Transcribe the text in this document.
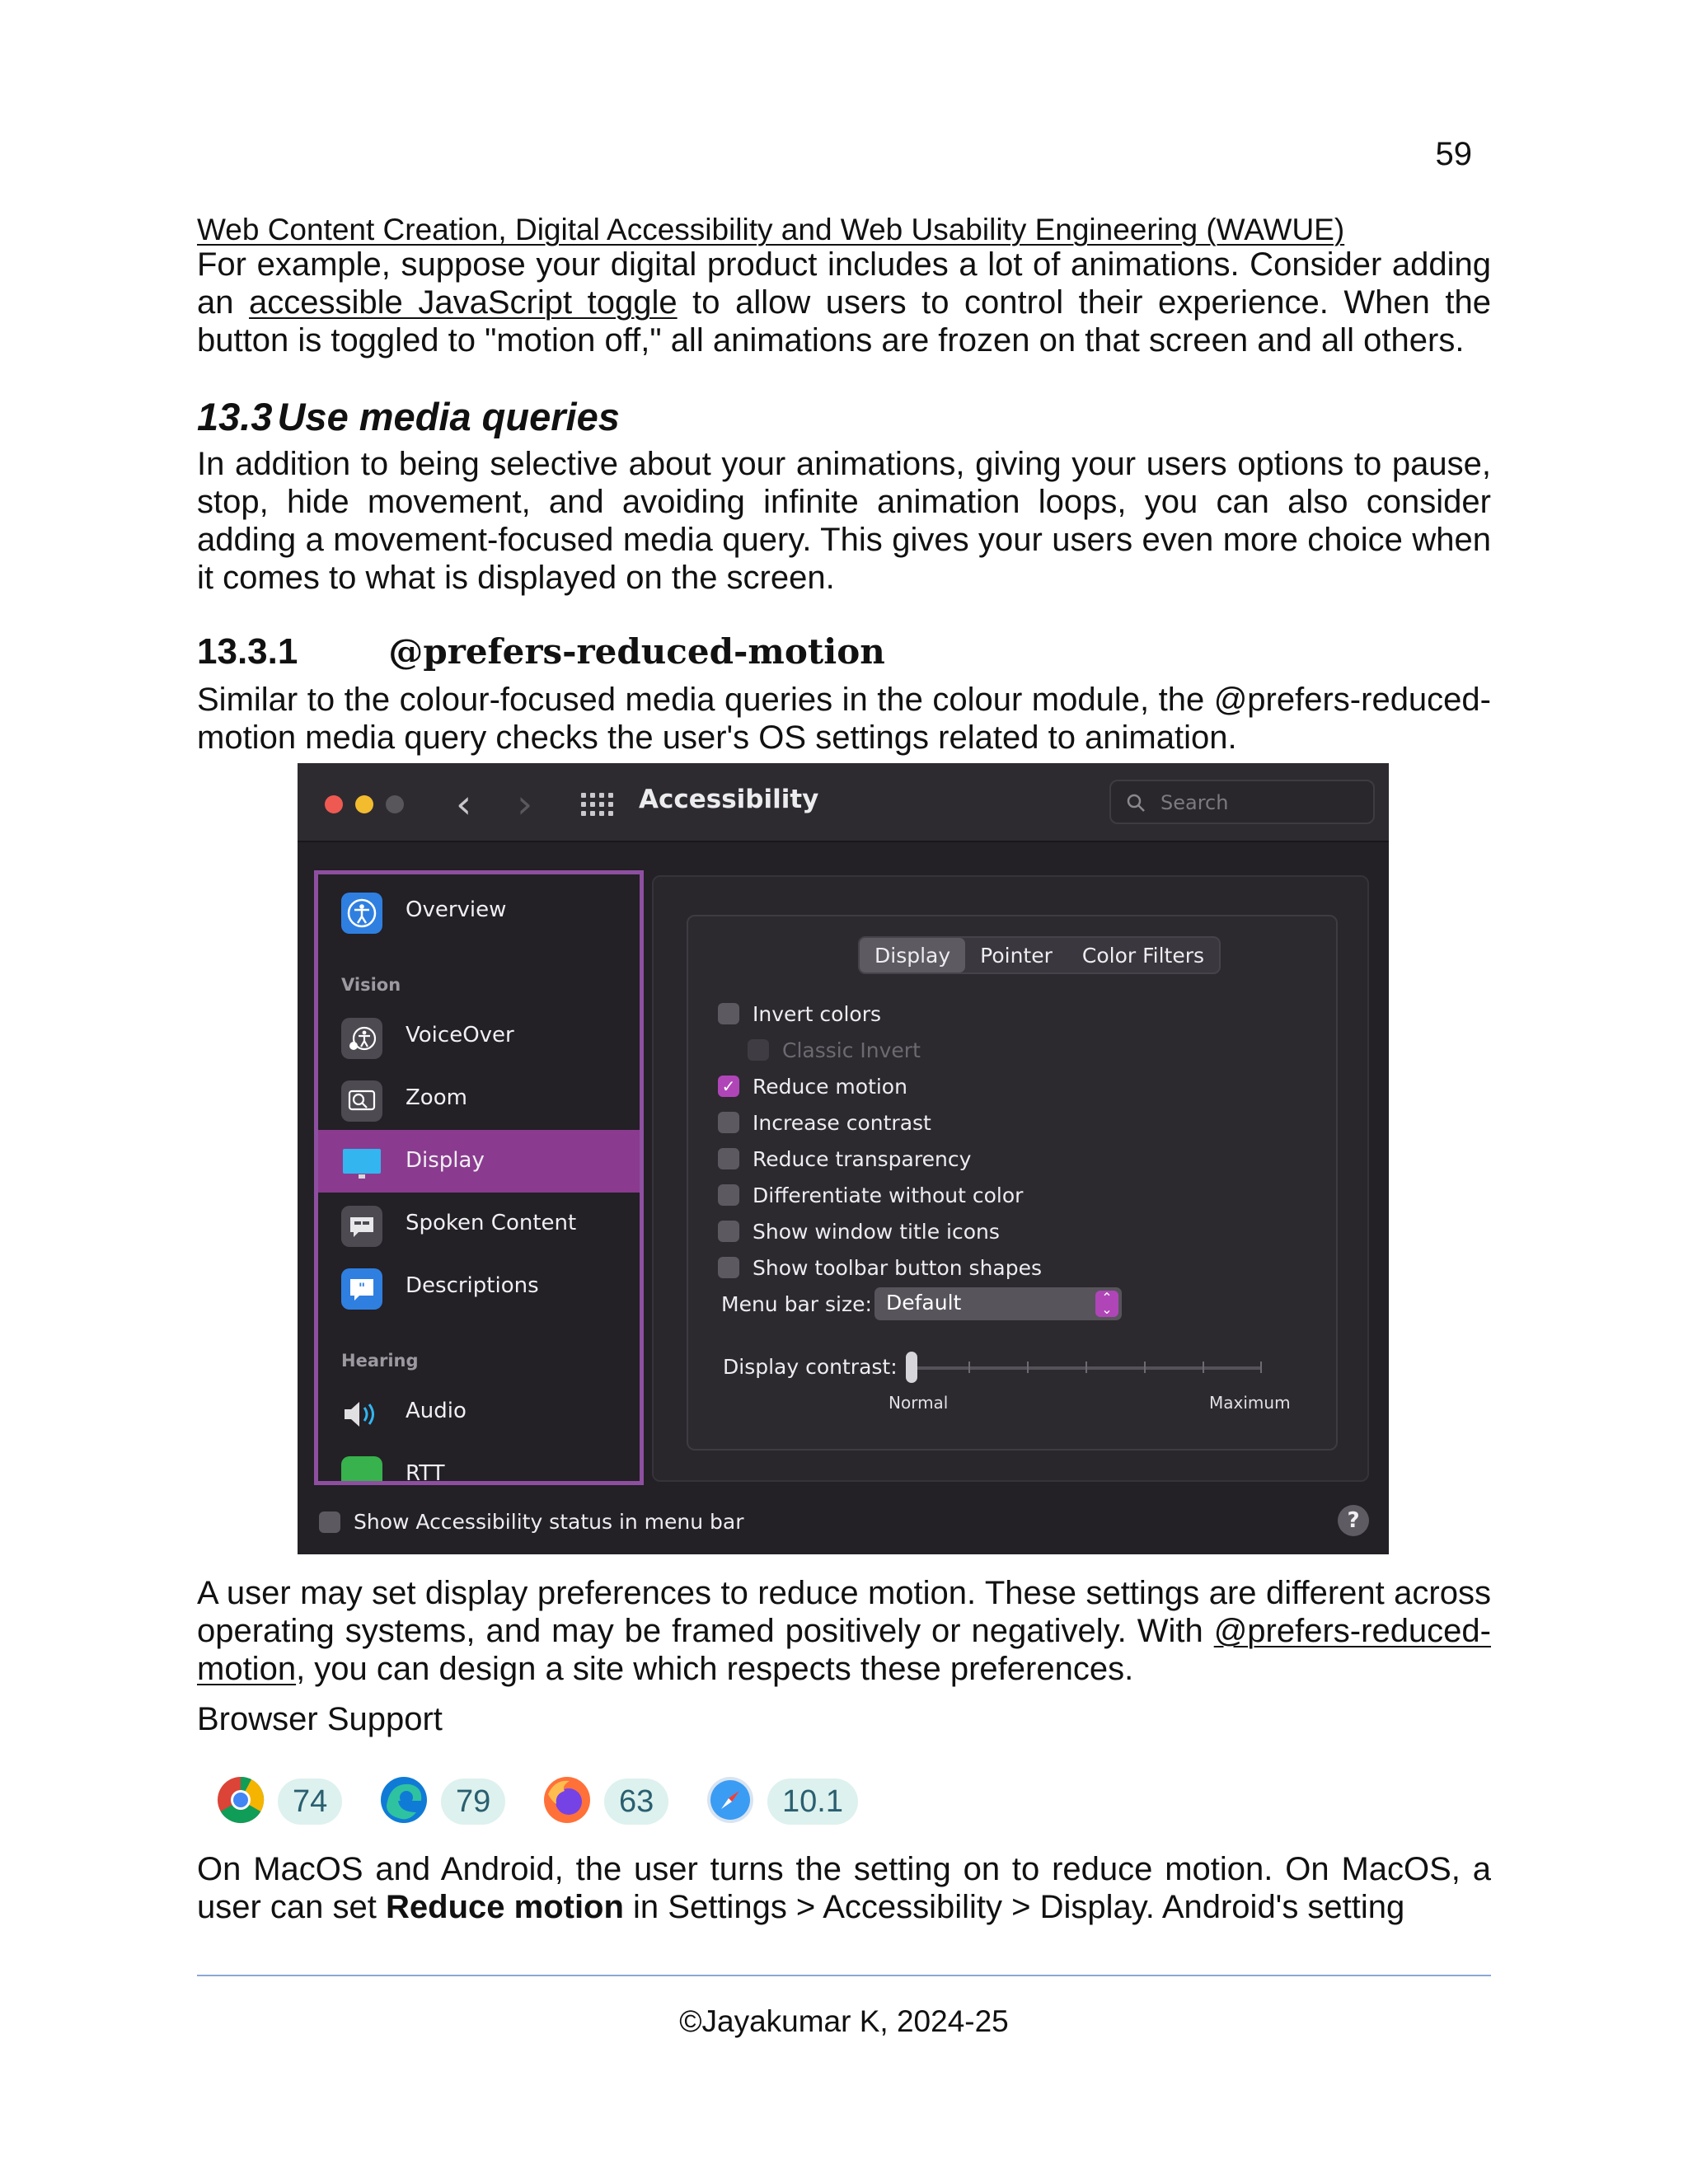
59
Web Content Creation, Digital Accessibility and Web Usability Engineering (WAWUE)

For example, suppose your digital product includes a lot of animations. Consider adding an accessible JavaScript toggle to allow users to control their experience. When the button is toggled to "motion off," all animations are frozen on that screen and all others.

13.3 Use media queries

In addition to being selective about your animations, giving your users options to pause, stop, hide movement, and avoiding infinite animation loops, you can also consider adding a movement-focused media query. This gives your users even more choice when it comes to what is displayed on the screen.

13.3.1	@prefers-reduced-motion

Similar to the colour-focused media queries in the colour module, the @prefers-reduced-motion media query checks the user's OS settings related to animation.

‹ ›	Accessibility	Search
Overview
Vision
VoiceOver
Zoom
Display
Spoken Content
" Descriptions
Hearing
Audio
RTT
Display	Pointer	Color Filters
Invert colors
Classic Invert
✓ Reduce motion
Increase contrast
Reduce transparency
Differentiate without color
Show window title icons
Show toolbar button shapes
Menu bar size: Default	⌃
⌄
Display contrast:
Normal	Maximum
Show Accessibility status in menu bar	?

A user may set display preferences to reduce motion. These settings are different across operating systems, and may be framed positively or negatively. With @prefers-reduced-motion, you can design a site which respects these preferences.

Browser Support
74	79	63	10.1

On MacOS and Android, the user turns the setting on to reduce motion. On MacOS, a user can set Reduce motion in Settings > Accessibility > Display. Android's setting

©Jayakumar K, 2024-25
